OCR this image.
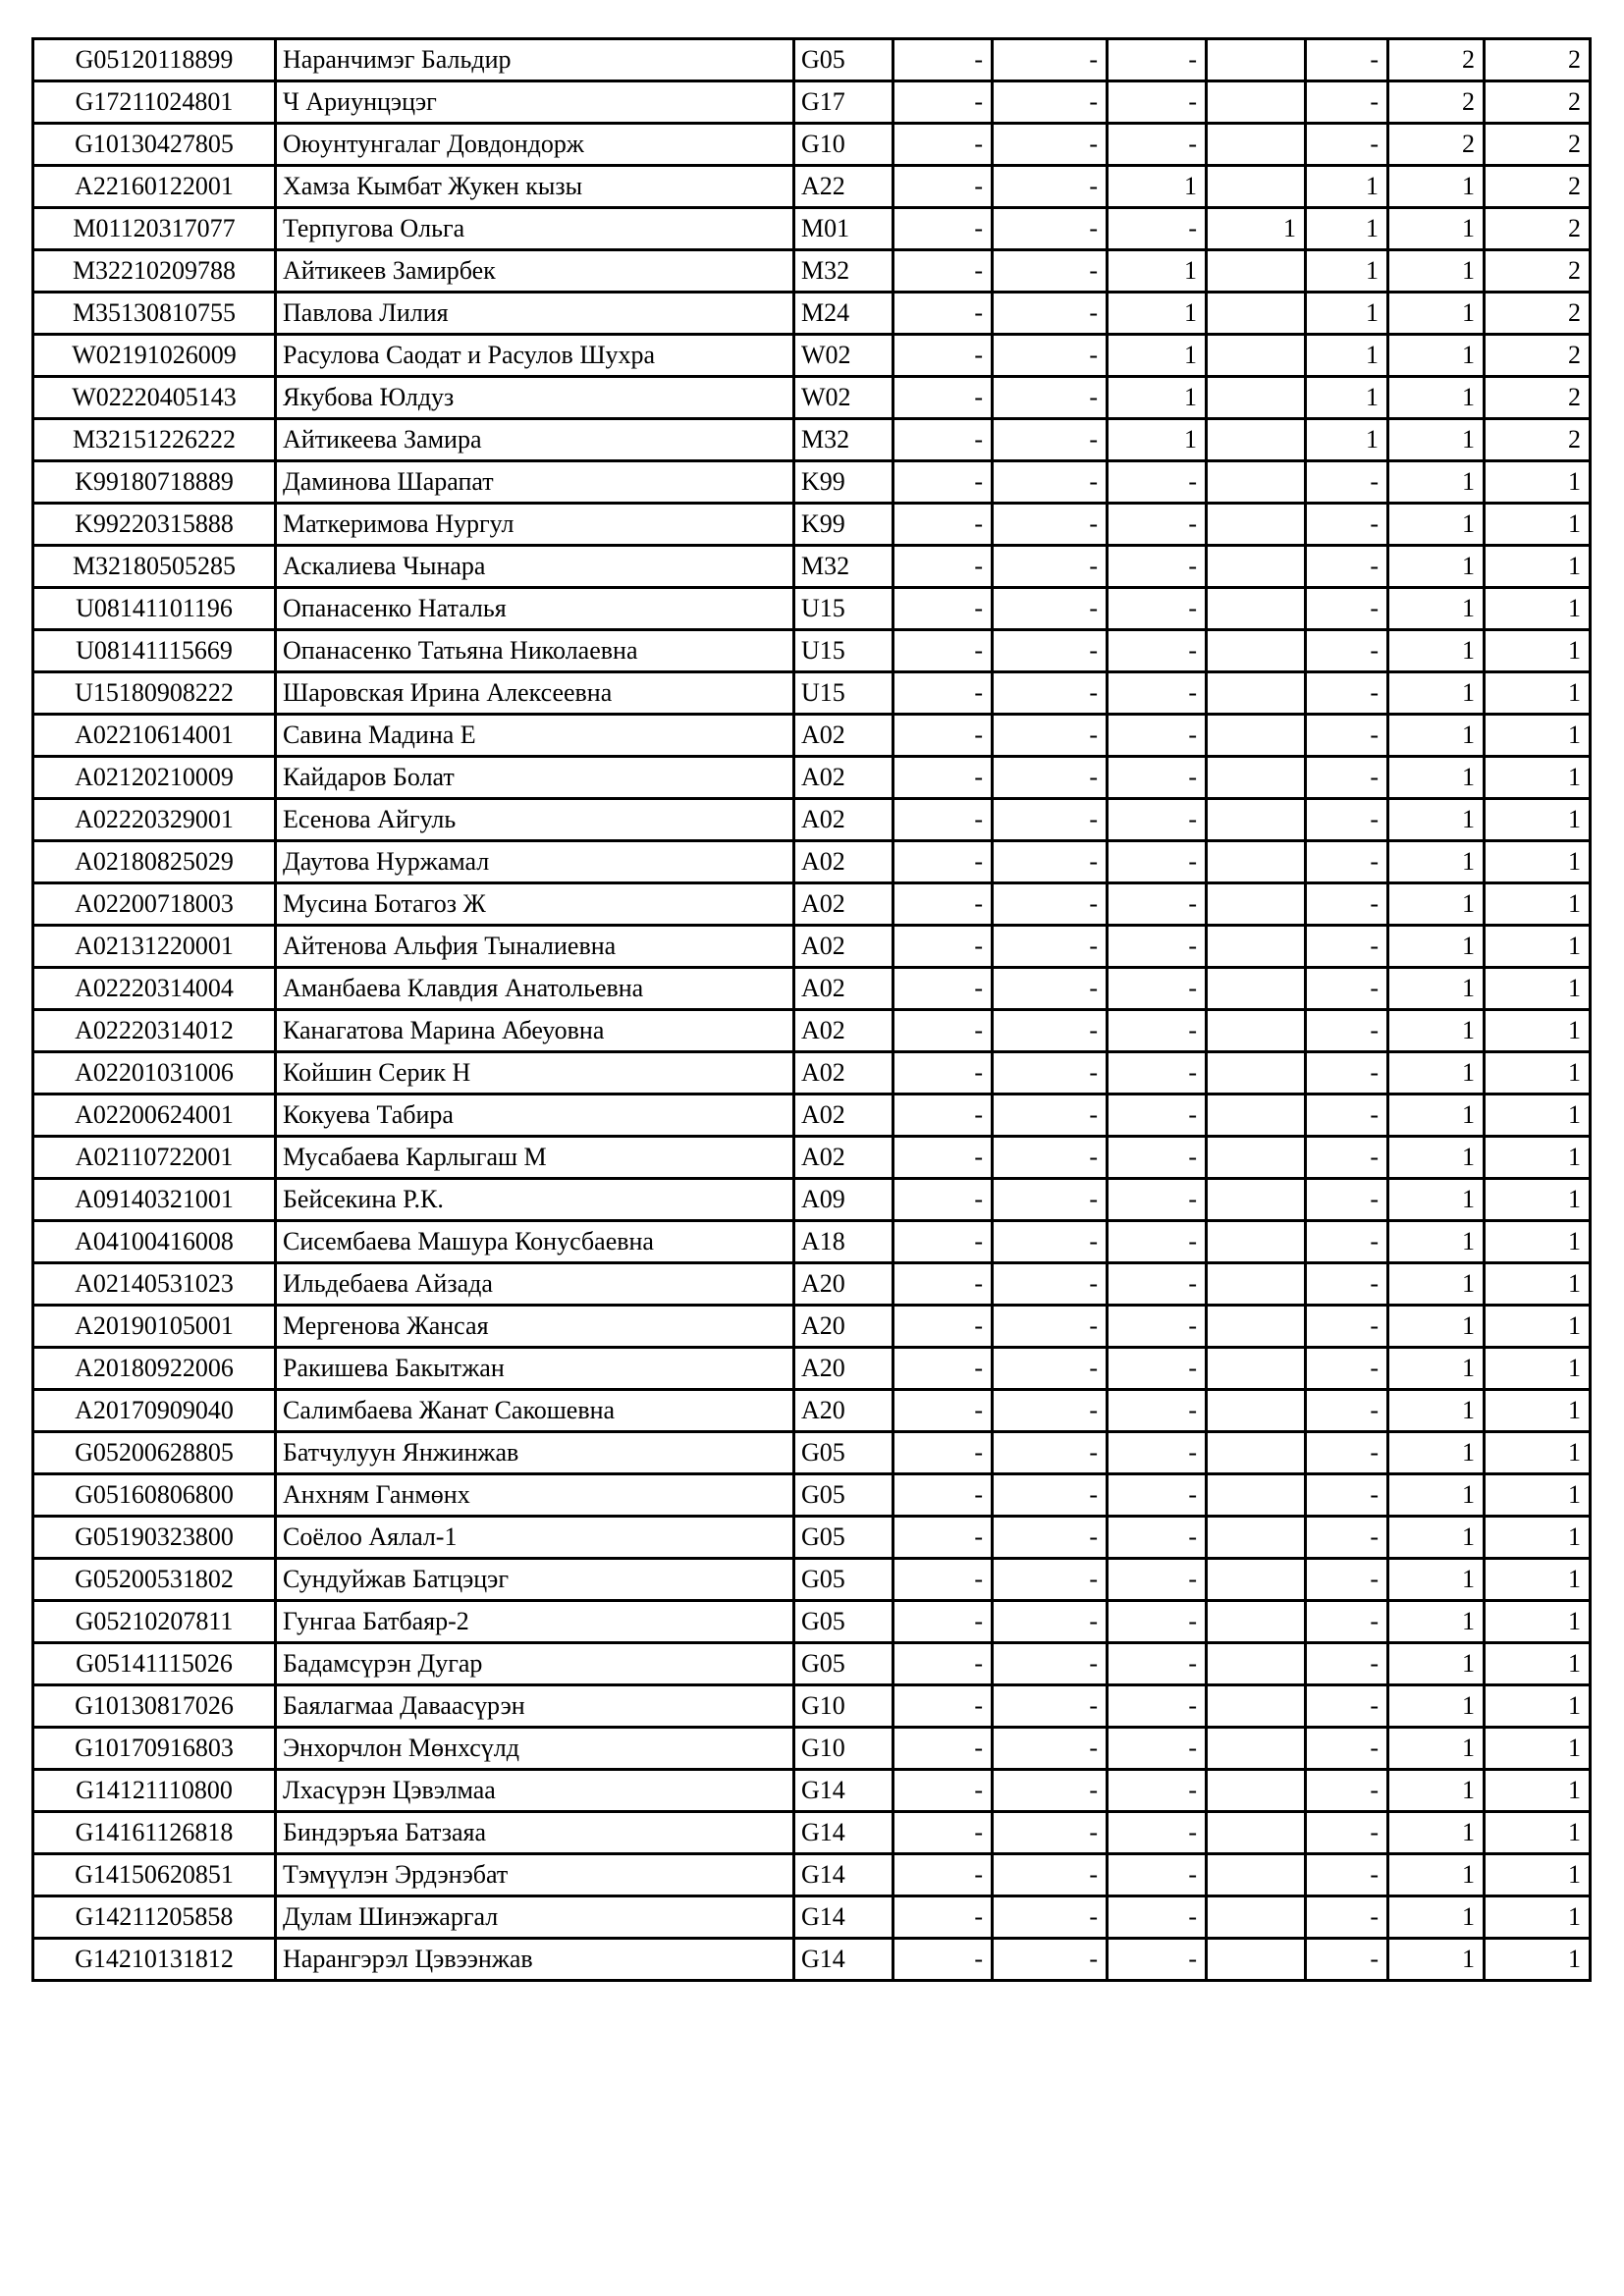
G05120118899	Наранчимэг Бальдир	G05	-	-	-		-	2	2
G17211024801	Ч Ариунцэцэг	G17	-	-	-		-	2	2
G10130427805	Оюунтунгалаг Довдондорж	G10	-	-	-		-	2	2
A22160122001	Хамза Кымбат Жукен кызы	A22	-	-	1		1	1	2
M01120317077	Терпугова Ольга	M01	-	-	-	1	1	1	2
M32210209788	Айтикеев Замирбек	M32	-	-	1		1	1	2
M35130810755	Павлова Лилия	M24	-	-	1		1	1	2
W02191026009	Расулова Саодат и Расулов Шухра	W02	-	-	1		1	1	2
W02220405143	Якубова Юлдуз	W02	-	-	1		1	1	2
M32151226222	Айтикеева Замира	M32	-	-	1		1	1	2
K99180718889	Даминова Шарапат	K99	-	-	-		-	1	1
K99220315888	Маткеримова Нургул	K99	-	-	-		-	1	1
M32180505285	Аскалиева Чынара	M32	-	-	-		-	1	1
U08141101196	Опанасенко Наталья	U15	-	-	-		-	1	1
U08141115669	Опанасенко Татьяна Николаевна	U15	-	-	-		-	1	1
U15180908222	Шаровская Ирина Алексеевна	U15	-	-	-		-	1	1
A02210614001	Савина Мадина Е	A02	-	-	-		-	1	1
A02120210009	Кайдаров Болат	A02	-	-	-		-	1	1
A02220329001	Есенова Айгуль	A02	-	-	-		-	1	1
A02180825029	Даутова Нуржамал	A02	-	-	-		-	1	1
A02200718003	Мусина Ботагоз Ж	A02	-	-	-		-	1	1
A02131220001	Айтенова Альфия Тыналиевна	A02	-	-	-		-	1	1
A02220314004	Аманбаева Клавдия Анатольевна	A02	-	-	-		-	1	1
A02220314012	Канагатова Марина Абеуовна	A02	-	-	-		-	1	1
A02201031006	Койшин Серик Н	A02	-	-	-		-	1	1
A02200624001	Кокуева Табира	A02	-	-	-		-	1	1
A02110722001	Мусабаева Карлыгаш М	A02	-	-	-		-	1	1
A09140321001	Бейсекина Р.К.	A09	-	-	-		-	1	1
A04100416008	Сисембаева Машура Конусбаевна	A18	-	-	-		-	1	1
A02140531023	Ильдебаева Айзада	A20	-	-	-		-	1	1
A20190105001	Мергенова Жансая	A20	-	-	-		-	1	1
A20180922006	Ракишева Бакытжан	A20	-	-	-		-	1	1
A20170909040	Салимбаева Жанат Сакошевна	A20	-	-	-		-	1	1
G05200628805	Батчулуун Янжинжав	G05	-	-	-		-	1	1
G05160806800	Анхням Ганмөнх	G05	-	-	-		-	1	1
G05190323800	Соёлоо Аялал-1	G05	-	-	-		-	1	1
G05200531802	Сундуйжав Батцэцэг	G05	-	-	-		-	1	1
G05210207811	Гунгаа Батбаяр-2	G05	-	-	-		-	1	1
G05141115026	Бадамсүрэн Дугар	G05	-	-	-		-	1	1
G10130817026	Баялагмаа Даваасүрэн	G10	-	-	-		-	1	1
G10170916803	Энхорчлон Мөнхсүлд	G10	-	-	-		-	1	1
G14121110800	Лхасүрэн Цэвэлмаа	G14	-	-	-		-	1	1
G14161126818	Биндэръяа Батзаяа	G14	-	-	-		-	1	1
G14150620851	Тэмүүлэн Эрдэнэбат	G14	-	-	-		-	1	1
G14211205858	Дулам Шинэжаргал	G14	-	-	-		-	1	1
G14210131812	Нарангэрэл Цэвээнжав	G14	-	-	-		-	1	1
